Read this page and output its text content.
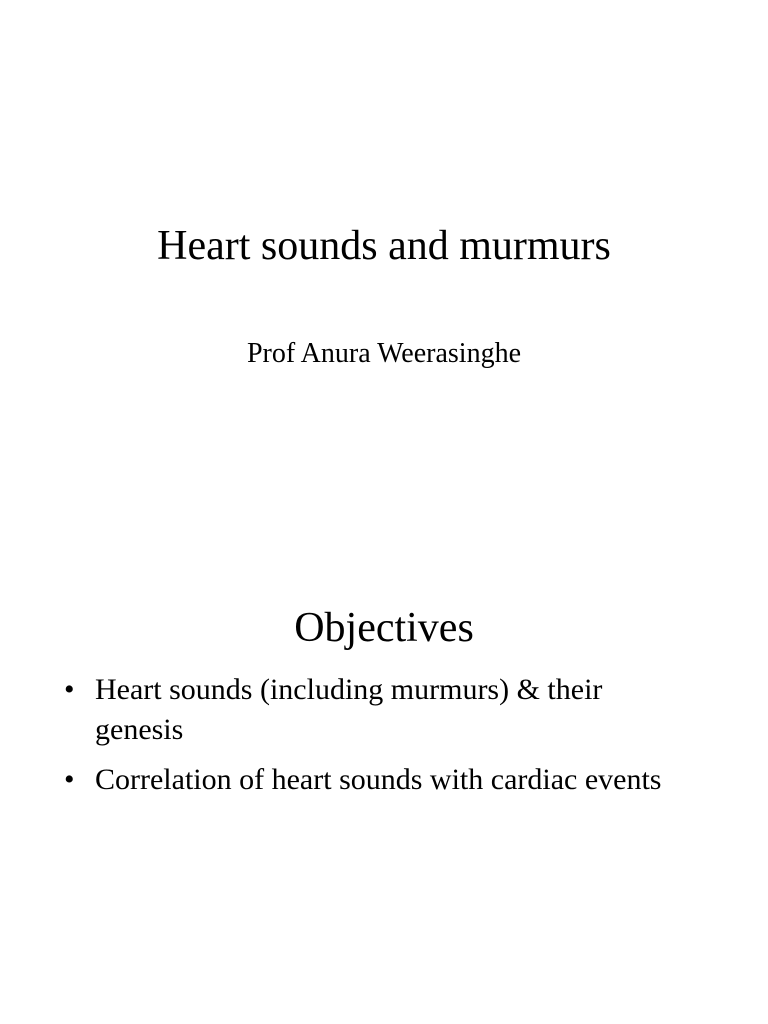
Heart sounds and murmurs
Prof Anura Weerasinghe
Objectives
• Heart sounds (including murmurs) & their genesis
• Correlation of heart sounds with cardiac events
